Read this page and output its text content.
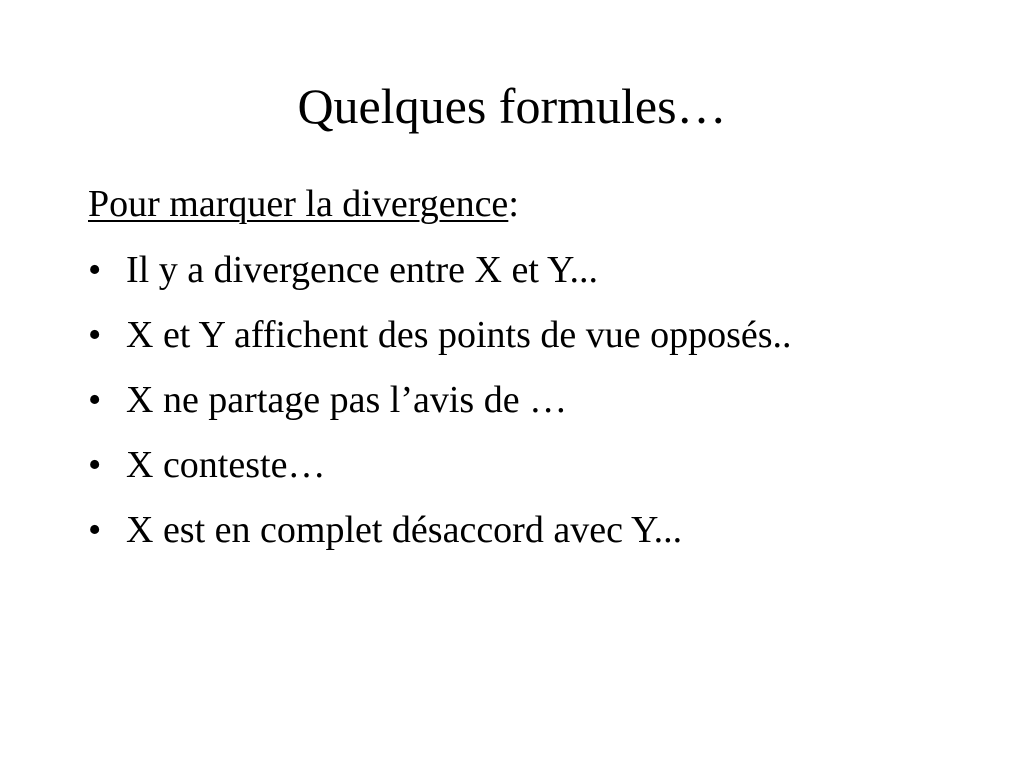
Quelques formules…
Pour marquer la divergence:
• Il y a divergence entre X et Y...
• X et Y affichent des points de vue opposés..
• X ne partage pas l’avis de …
• X conteste…
• X est en complet désaccord avec Y...
